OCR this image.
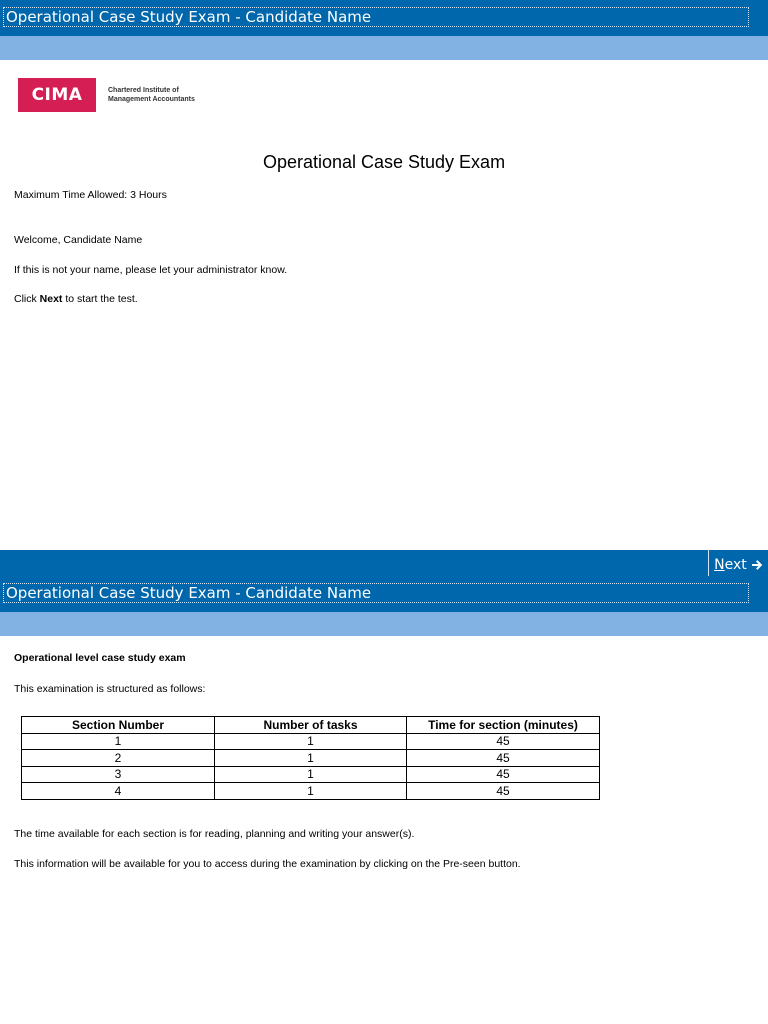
Operational Case Study Exam - Candidate Name
CIMA	Chartered Institute of
Management Accountants
Operational Case Study Exam
Maximum Time Allowed: 3 Hours
Welcome, Candidate Name
If this is not your name, please let your administrator know.
Click Next to start the test.
Next
Operational Case Study Exam - Candidate Name
Operational level case study exam
This examination is structured as follows:
Section Number	Number of tasks	Time for section (minutes)
1	1	45
2	1	45
3	1	45
4	1	45
The time available for each section is for reading, planning and writing your answer(s).
This information will be available for you to access during the examination by clicking on the Pre-seen button.
